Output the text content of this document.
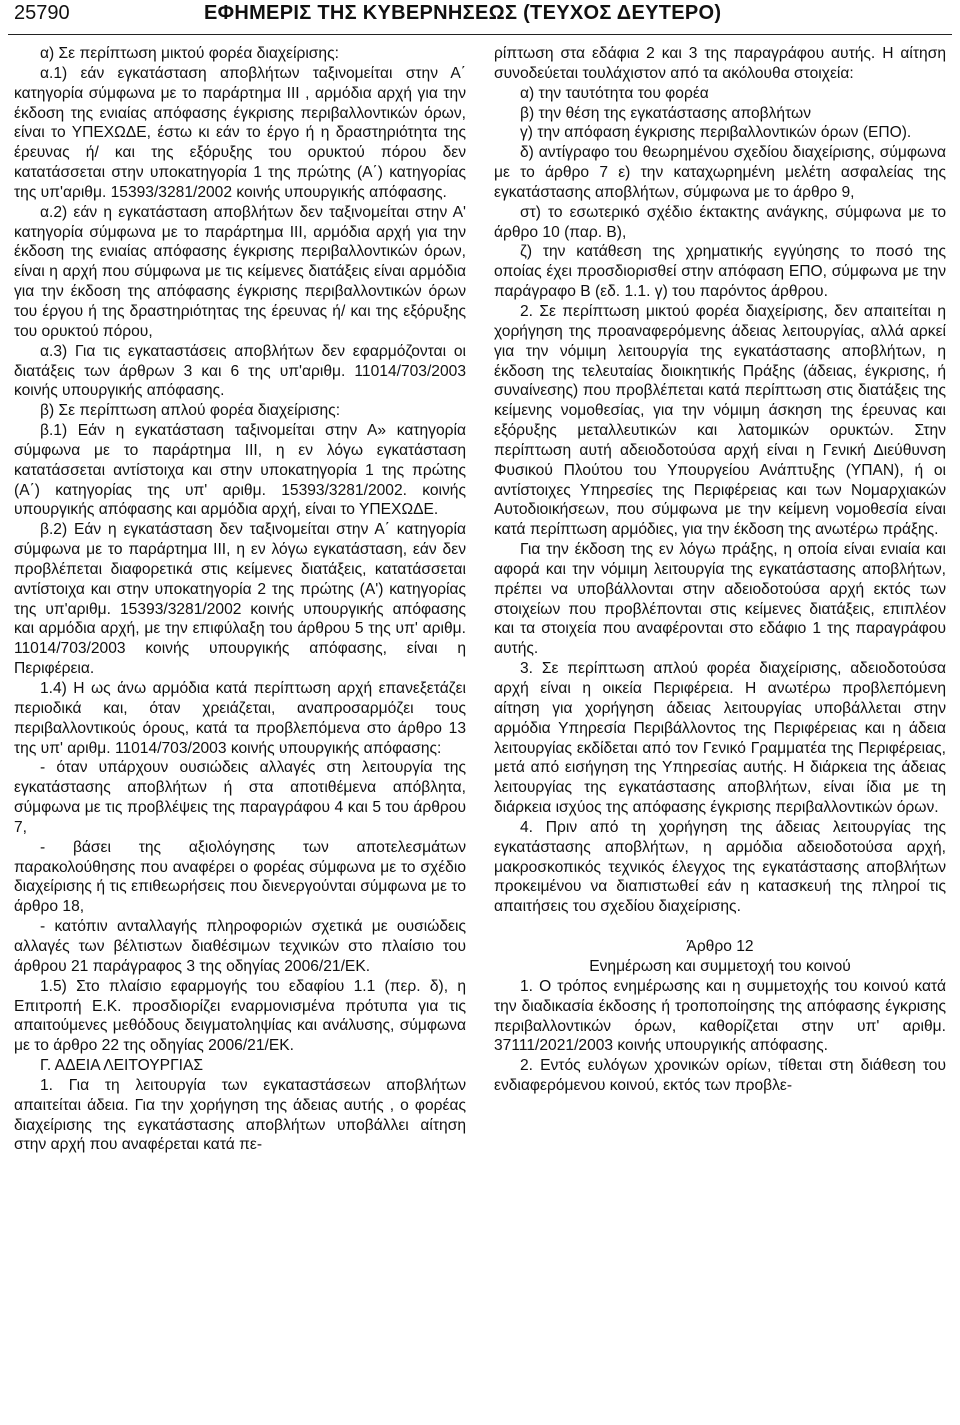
25790	ΕΦΗΜΕΡΙΣ ΤΗΣ ΚΥΒΕΡΝΗΣΕΩΣ (ΤΕΥΧΟΣ ΔΕΥΤΕΡΟ)

α) Σε περίπτωση μικτού φορέα διαχείρισης:

α.1) εάν εγκατάσταση αποβλήτων ταξινομείται στην Α΄ κατηγορία σύμφωνα με το παράρτημα ΙΙΙ , αρμόδια αρχή για την έκδοση της ενιαίας απόφασης έγκρισης περιβαλλοντικών όρων, είναι το ΥΠΕΧΩΔΕ, έστω κι εάν το έργο ή η δραστηριότητα της έρευνας ή/ και της εξόρυξης του ορυκτού πόρου δεν κατατάσσεται στην υποκατηγορία 1 της πρώτης (Α΄) κατηγορίας της υπ'αριθμ. 15393/3281/2002 κοινής υπουργικής απόφασης.

α.2) εάν η εγκατάσταση αποβλήτων δεν ταξινομείται στην Α' κατηγορία σύμφωνα με το παράρτημα ΙΙΙ, αρμόδια αρχή για την έκδοση της ενιαίας απόφασης έγκρισης περιβαλλοντικών όρων, είναι η αρχή που σύμφωνα με τις κείμενες διατάξεις είναι αρμόδια για την έκδοση της απόφασης έγκρισης περιβαλλοντικών όρων του έργου ή της δραστηριότητας της έρευνας ή/ και της εξόρυξης του ορυκτού πόρου,

α.3) Για τις εγκαταστάσεις αποβλήτων δεν εφαρμόζονται οι διατάξεις των άρθρων 3 και 6 της υπ'αριθμ. 11014/703/2003 κοινής υπουργικής απόφασης.

β) Σε περίπτωση απλού φορέα διαχείρισης:

β.1) Εάν η εγκατάσταση ταξινομείται στην Α» κατηγορία σύμφωνα με το παράρτημα ΙΙΙ, η εν λόγω εγκατάσταση κατατάσσεται αντίστοιχα και στην υποκατηγορία 1 της πρώτης (Α΄) κατηγορίας της υπ' αριθμ. 15393/3281/2002. κοινής υπουργικής απόφασης και αρμόδια αρχή, είναι το ΥΠΕΧΩΔΕ.

β.2) Εάν η εγκατάσταση δεν ταξινομείται στην Α΄ κατηγορία σύμφωνα με το παράρτημα ΙΙΙ, η εν λόγω εγκατάσταση, εάν δεν προβλέπεται διαφορετικά στις κείμενες διατάξεις, κατατάσσεται αντίστοιχα και στην υποκατηγορία 2 της πρώτης (Α') κατηγορίας της υπ'αριθμ. 15393/3281/2002 κοινής υπουργικής απόφασης και αρμόδια αρχή, με την επιφύλαξη του άρθρου 5 της υπ' αριθμ. 11014/703/2003 κοινής υπουργικής απόφασης, είναι η Περιφέρεια.

1.4) Η ως άνω αρμόδια κατά περίπτωση αρχή επανεξετάζει περιοδικά και, όταν χρειάζεται, αναπροσαρμόζει τους περιβαλλοντικούς όρους, κατά τα προβλεπόμενα στο άρθρο 13 της υπ' αριθμ. 11014/703/2003 κοινής υπουργικής απόφασης:

- όταν υπάρχουν ουσιώδεις αλλαγές στη λειτουργία της εγκατάστασης αποβλήτων ή στα αποτιθέμενα απόβλητα, σύμφωνα με τις προβλέψεις της παραγράφου 4 και 5 του άρθρου 7,

- βάσει της αξιολόγησης των αποτελεσμάτων παρακολούθησης που αναφέρει ο φορέας σύμφωνα με το σχέδιο διαχείρισης ή τις επιθεωρήσεις που διενεργούνται σύμφωνα με το άρθρο 18,

- κατόπιν ανταλλαγής πληροφοριών σχετικά με ουσιώδεις αλλαγές των βέλτιστων διαθέσιμων τεχνικών στο πλαίσιο του άρθρου 21 παράγραφος 3 της οδηγίας 2006/21/ΕΚ.

1.5) Στο πλαίσιο εφαρμογής του εδαφίου 1.1 (περ. δ), η Επιτροπή Ε.Κ. προσδιορίζει εναρμονισμένα πρότυπα για τις απαιτούμενες μεθόδους δειγματοληψίας και ανάλυσης, σύμφωνα με το άρθρο 22 της οδηγίας 2006/21/ΕΚ.

Γ. ΑΔΕΙΑ ΛΕΙΤΟΥΡΓΙΑΣ

1. Για τη λειτουργία των εγκαταστάσεων αποβλήτων απαιτείται άδεια. Για την χορήγηση της άδειας αυτής , ο φορέας διαχείρισης της εγκατάστασης αποβλήτων υποβάλλει αίτηση στην αρχή που αναφέρεται κατά πε-

ρίπτωση στα εδάφια 2 και 3 της παραγράφου αυτής. Η αίτηση συνοδεύεται τουλάχιστον από τα ακόλουθα στοιχεία:

α) την ταυτότητα του φορέα

β) την θέση της εγκατάστασης αποβλήτων

γ) την απόφαση έγκρισης περιβαλλοντικών όρων (ΕΠΟ).

δ) αντίγραφο του θεωρημένου σχεδίου διαχείρισης, σύμφωνα με το άρθρο 7 ε) την καταχωρημένη μελέτη ασφαλείας της εγκατάστασης αποβλήτων, σύμφωνα με το άρθρο 9,

στ) το εσωτερικό σχέδιο έκτακτης ανάγκης, σύμφωνα με το άρθρο 10 (παρ. Β),

ζ) την κατάθεση της χρηματικής εγγύησης το ποσό της οποίας έχει προσδιορισθεί στην απόφαση ΕΠΟ, σύμφωνα με την παράγραφο Β (εδ. 1.1. γ) του παρόντος άρθρου.

2. Σε περίπτωση μικτού φορέα διαχείρισης, δεν απαιτείται η χορήγηση της προαναφερόμενης άδειας λειτουργίας, αλλά αρκεί για την νόμιμη λειτουργία της εγκατάστασης αποβλήτων, η έκδοση της τελευταίας διοικητικής Πράξης (άδειας, έγκρισης, ή συναίνεσης) που προβλέπεται κατά περίπτωση στις διατάξεις της κείμενης νομοθεσίας, για την νόμιμη άσκηση της έρευνας και εξόρυξης μεταλλευτικών και λατομικών ορυκτών. Στην περίπτωση αυτή αδειοδοτούσα αρχή είναι η Γενική Διεύθυνση Φυσικού Πλούτου του Υπουργείου Ανάπτυξης (ΥΠΑΝ), ή οι αντίστοιχες Υπηρεσίες της Περιφέρειας και των Νομαρχιακών Αυτοδιοικήσεων, που σύμφωνα με την κείμενη νομοθεσία είναι κατά περίπτωση αρμόδιες, για την έκδοση της ανωτέρω πράξης.

Για την έκδοση της εν λόγω πράξης, η οποία είναι ενιαία και αφορά και την νόμιμη λειτουργία της εγκατάστασης αποβλήτων, πρέπει να υποβάλλονται στην αδειοδοτούσα αρχή εκτός των στοιχείων που προβλέπονται στις κείμενες διατάξεις, επιπλέον και τα στοιχεία που αναφέρονται στο εδάφιο 1 της παραγράφου αυτής.

3. Σε περίπτωση απλού φορέα διαχείρισης, αδειοδοτούσα αρχή είναι η οικεία Περιφέρεια. Η ανωτέρω προβλεπόμενη αίτηση για χορήγηση άδειας λειτουργίας υποβάλλεται στην αρμόδια Υπηρεσία Περιβάλλοντος της Περιφέρειας και η άδεια λειτουργίας εκδίδεται από τον Γενικό Γραμματέα της Περιφέρειας, μετά από εισήγηση της Υπηρεσίας αυτής. Η διάρκεια της άδειας λειτουργίας της εγκατάστασης αποβλήτων, είναι ίδια με τη διάρκεια ισχύος της απόφασης έγκρισης περιβαλλοντικών όρων.

4. Πριν από τη χορήγηση της άδειας λειτουργίας της εγκατάστασης αποβλήτων, η αρμόδια αδειοδοτούσα αρχή, μακροσκοπικός τεχνικός έλεγχος της εγκατάστασης αποβλήτων προκειμένου να διαπιστωθεί εάν η κατασκευή της πληροί τις απαιτήσεις του σχεδίου διαχείρισης.

Άρθρο 12

Ενημέρωση και συμμετοχή του κοινού

1. Ο τρόπος ενημέρωσης και η συμμετοχής του κοινού κατά την διαδικασία έκδοσης ή τροποποίησης της απόφασης έγκρισης περιβαλλοντικών όρων, καθορίζεται στην υπ' αριθμ. 37111/2021/2003 κοινής υπουργικής απόφασης.

2. Εντός ευλόγων χρονικών ορίων, τίθεται στη διάθεση του ενδιαφερόμενου κοινού, εκτός των προβλε-
